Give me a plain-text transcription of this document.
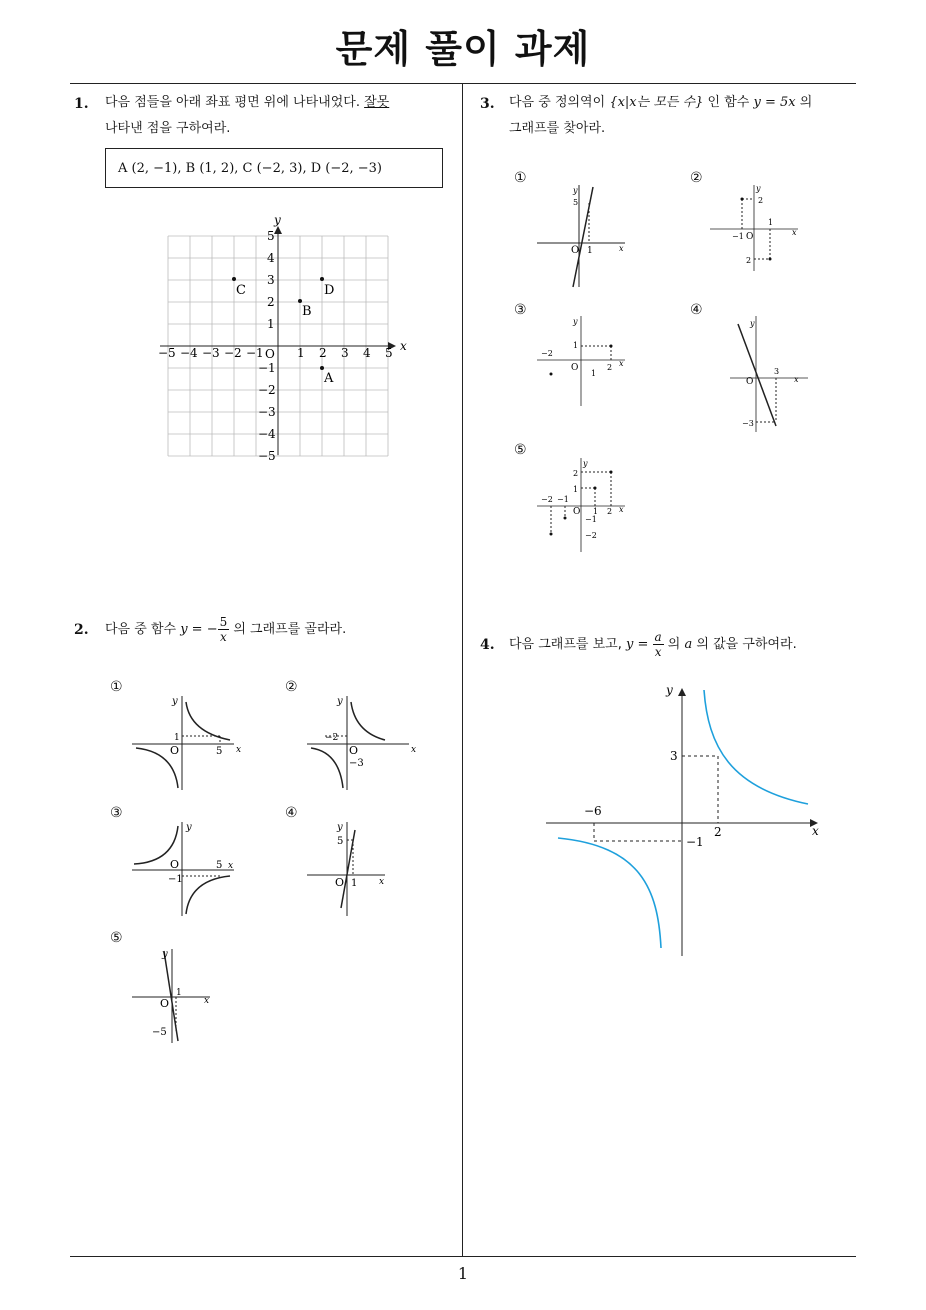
문제 풀이 과제
1
1. 다음 점들을 아래 좌표 평면 위에 나타내었다. 잘못
나타낸 점을 구하여라.
A (2, −1), B (1, 2), C (−2, 3), D (−2, −3)
x
y
O
−5 −4 −3 −2 −1	1 2 3 4 5
5
4
3
2
1
−1
−2
−3
−4
−5
A
B
C	D
2. 다음 중 함수 y = − $\frac{5}{x}$ 의 그래프를 골라라.
①
x
y
O
1
5
②
x
y
O
−2
−3
③
x
y
O
−1
5
④
x
y
O
5
1
⑤
x
y
O
1
−5
3. 다음 중 정의역이 {x|x는 모든 수} 인 함수 y = 5x 의
그래프를 찾아라.
①
x
y
O
5
1
②
x
y
2
−1 O
1
2
③
x
y
−2
1
O	2
1
④
x
y
O
3
−3
⑤
x
y
2
1
−2 −1
O 1 2
−1
−2
4. 다음 그래프를 보고, $y = \frac{a}{x}$ 의 a 의 값을 구하여라.
x
y
3
2
−6
−1
